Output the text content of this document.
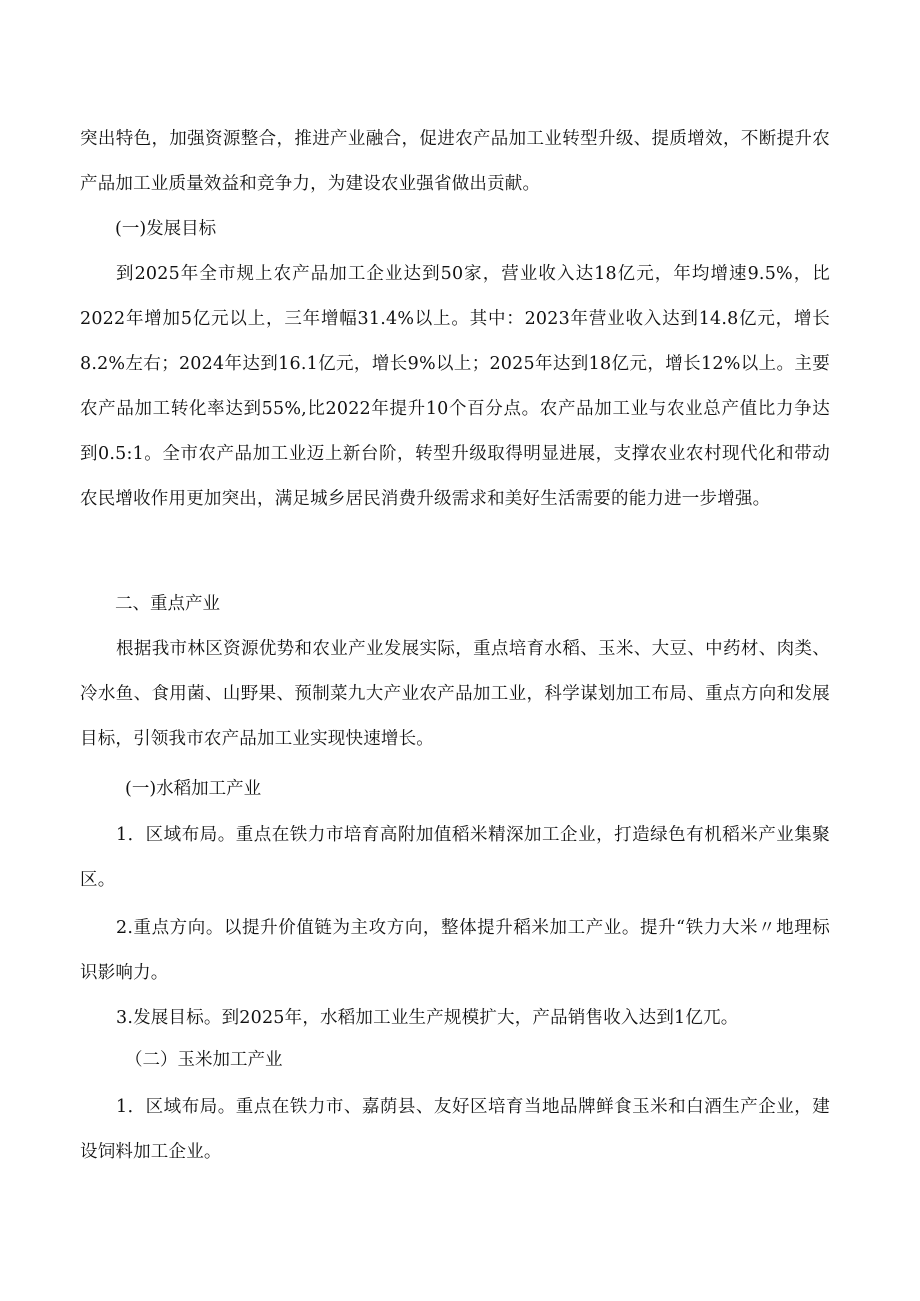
突出特色，加强资源整合，推进产业融合，促进农产品加工业转型升级、提质增效，不断提升农产品加工业质量效益和竞争力，为建设农业强省做出贡献。

(一)发展目标

到2025年全市规上农产品加工企业达到50家，营业收入达18亿元，年均增速9.5%，比2022年增加5亿元以上，三年增幅31.4%以上。其中：2023年营业收入达到14.8亿元，增长8.2%左右；2024年达到16.1亿元，增长9%以上；2025年达到18亿元，增长12%以上。主要农产品加工转化率达到55%,比2022年提升10个百分点。农产品加工业与农业总产值比力争达到0.5:1。全市农产品加工业迈上新台阶，转型升级取得明显进展，支撑农业农村现代化和带动农民增收作用更加突出，满足城乡居民消费升级需求和美好生活需要的能力进一步增强。

二、重点产业

根据我市林区资源优势和农业产业发展实际，重点培育水稻、玉米、大豆、中药材、肉类、冷水鱼、食用菌、山野果、预制菜九大产业农产品加工业，科学谋划加工布局、重点方向和发展目标，引领我市农产品加工业实现快速增长。

(一)水稻加工产业

1．区域布局。重点在铁力市培育高附加值稻米精深加工企业，打造绿色有机稻米产业集聚区。

2.重点方向。以提升价值链为主攻方向，整体提升稻米加工产业。提升“铁力大米〃地理标识影响力。

3.发展目标。到2025年，水稻加工业生产规模扩大，产品销售收入达到1亿兀。

（二）玉米加工产业

1．区域布局。重点在铁力市、嘉荫县、友好区培育当地品牌鲜食玉米和白酒生产企业，建设饲料加工企业。
